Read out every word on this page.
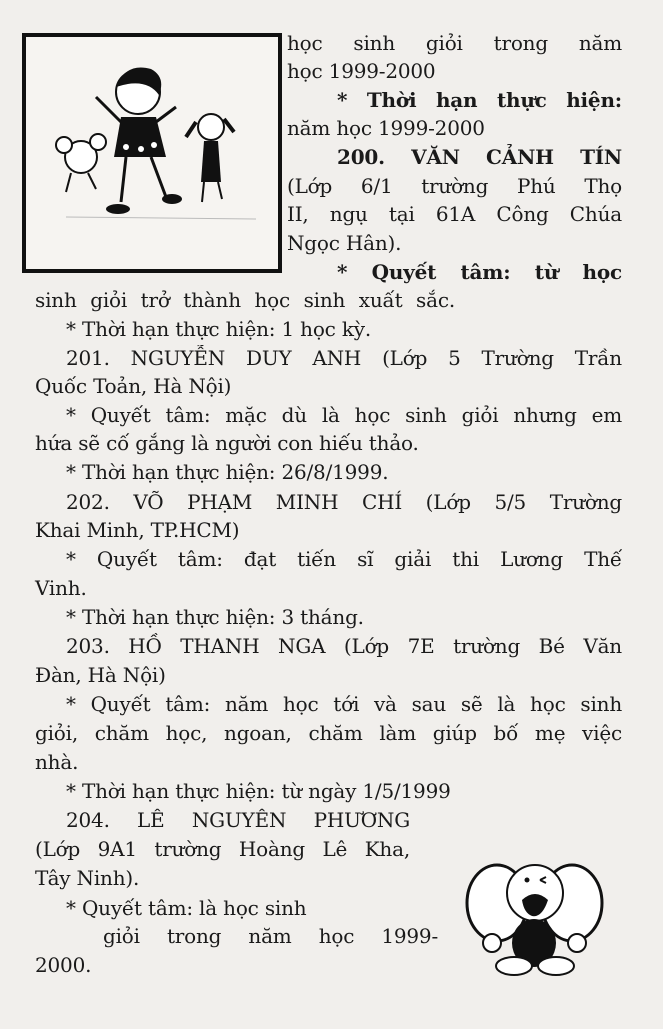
học sinh giỏi trong năm
học 1999-2000
* Thời hạn thực hiện:
năm học 1999-2000
200. VĂN CẢNH TÍN
(Lớp 6/1 trường Phú Thọ
II, ngụ tại 61A Công Chúa
Ngọc Hân).
* Quyết tâm: từ học
sinh giỏi trở thành học sinh xuất sắc.
* Thời hạn thực hiện: 1 học kỳ.
201. NGUYỄN DUY ANH (Lớp 5 Trường Trần
Quốc Toản, Hà Nội)
* Quyết tâm: mặc dù là học sinh giỏi nhưng em
hứa sẽ cố gắng là người con hiếu thảo.
* Thời hạn thực hiện: 26/8/1999.
202. VÕ PHẠM MINH CHÍ (Lớp 5/5 Trường
Khai Minh, TP.HCM)
* Quyết tâm: đạt tiến sĩ giải thi Lương Thế
Vinh.
* Thời hạn thực hiện: 3 tháng.
203. HỒ THANH NGA (Lớp 7E trường Bé Văn
Đàn, Hà Nội)
* Quyết tâm: năm học tới và sau sẽ là học sinh
giỏi, chăm học, ngoan, chăm làm giúp bố mẹ việc
nhà.
* Thời hạn thực hiện: từ ngày 1/5/1999
204. LÊ NGUYÊN PHƯƠNG
(Lớp 9A1 trường Hoàng Lê Kha,
Tây Ninh).
* Quyết tâm: là học sinh
giỏi trong năm học 1999-
2000.
